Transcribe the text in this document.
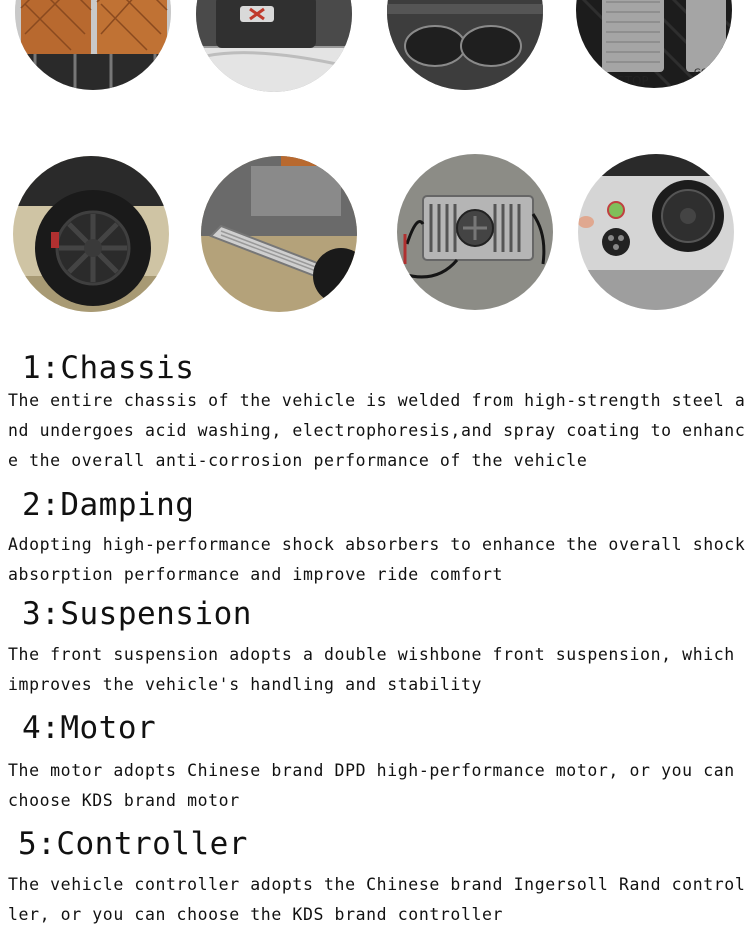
STOP
GO
1:Chassis

The entire chassis of the vehicle is welded from high-strength steel and undergoes acid washing, electrophoresis,and spray coating to enhance the overall anti-corrosion performance of the vehicle

2:Damping

Adopting high-performance shock absorbers to enhance the overall shock absorption performance and improve ride comfort

3:Suspension

The front suspension adopts a double wishbone front suspension, which improves the vehicle's handling and stability

4:Motor

The motor adopts Chinese brand DPD high-performance motor, or you can choose KDS brand motor

5:Controller

The vehicle controller adopts the Chinese brand Ingersoll Rand controller, or you can choose the KDS brand controller
